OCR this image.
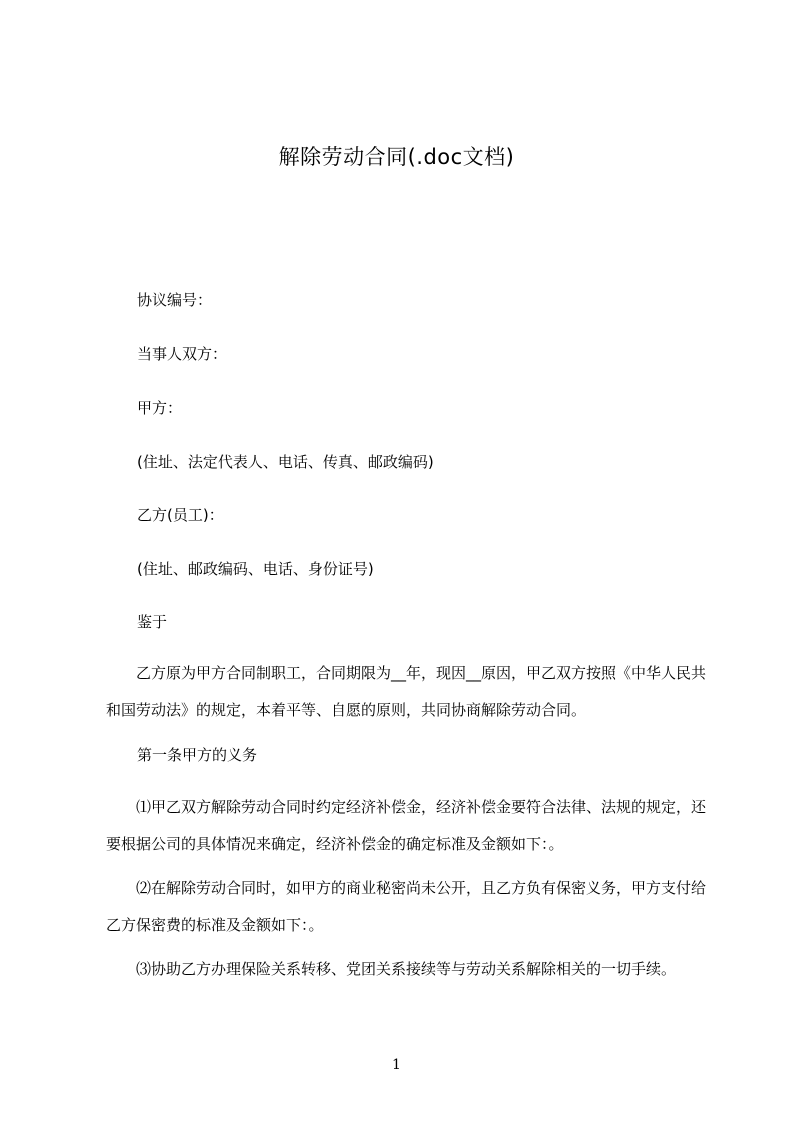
解除劳动合同(.doc文档)
协议编号：
当事人双方：
甲方：
(住址、法定代表人、电话、传真、邮政编码)
乙方(员工)：
(住址、邮政编码、电话、身份证号)
鉴于
乙方原为甲方合同制职工，合同期限为__年，现因__原因，甲乙双方按照《中华人民共和国劳动法》的规定，本着平等、自愿的原则，共同协商解除劳动合同。
第一条甲方的义务
⑴甲乙双方解除劳动合同时约定经济补偿金，经济补偿金要符合法律、法规的规定，还要根据公司的具体情况来确定，经济补偿金的确定标准及金额如下：。
⑵在解除劳动合同时，如甲方的商业秘密尚未公开，且乙方负有保密义务，甲方支付给乙方保密费的标准及金额如下：。
⑶协助乙方办理保险关系转移、党团关系接续等与劳动关系解除相关的一切手续。
1
